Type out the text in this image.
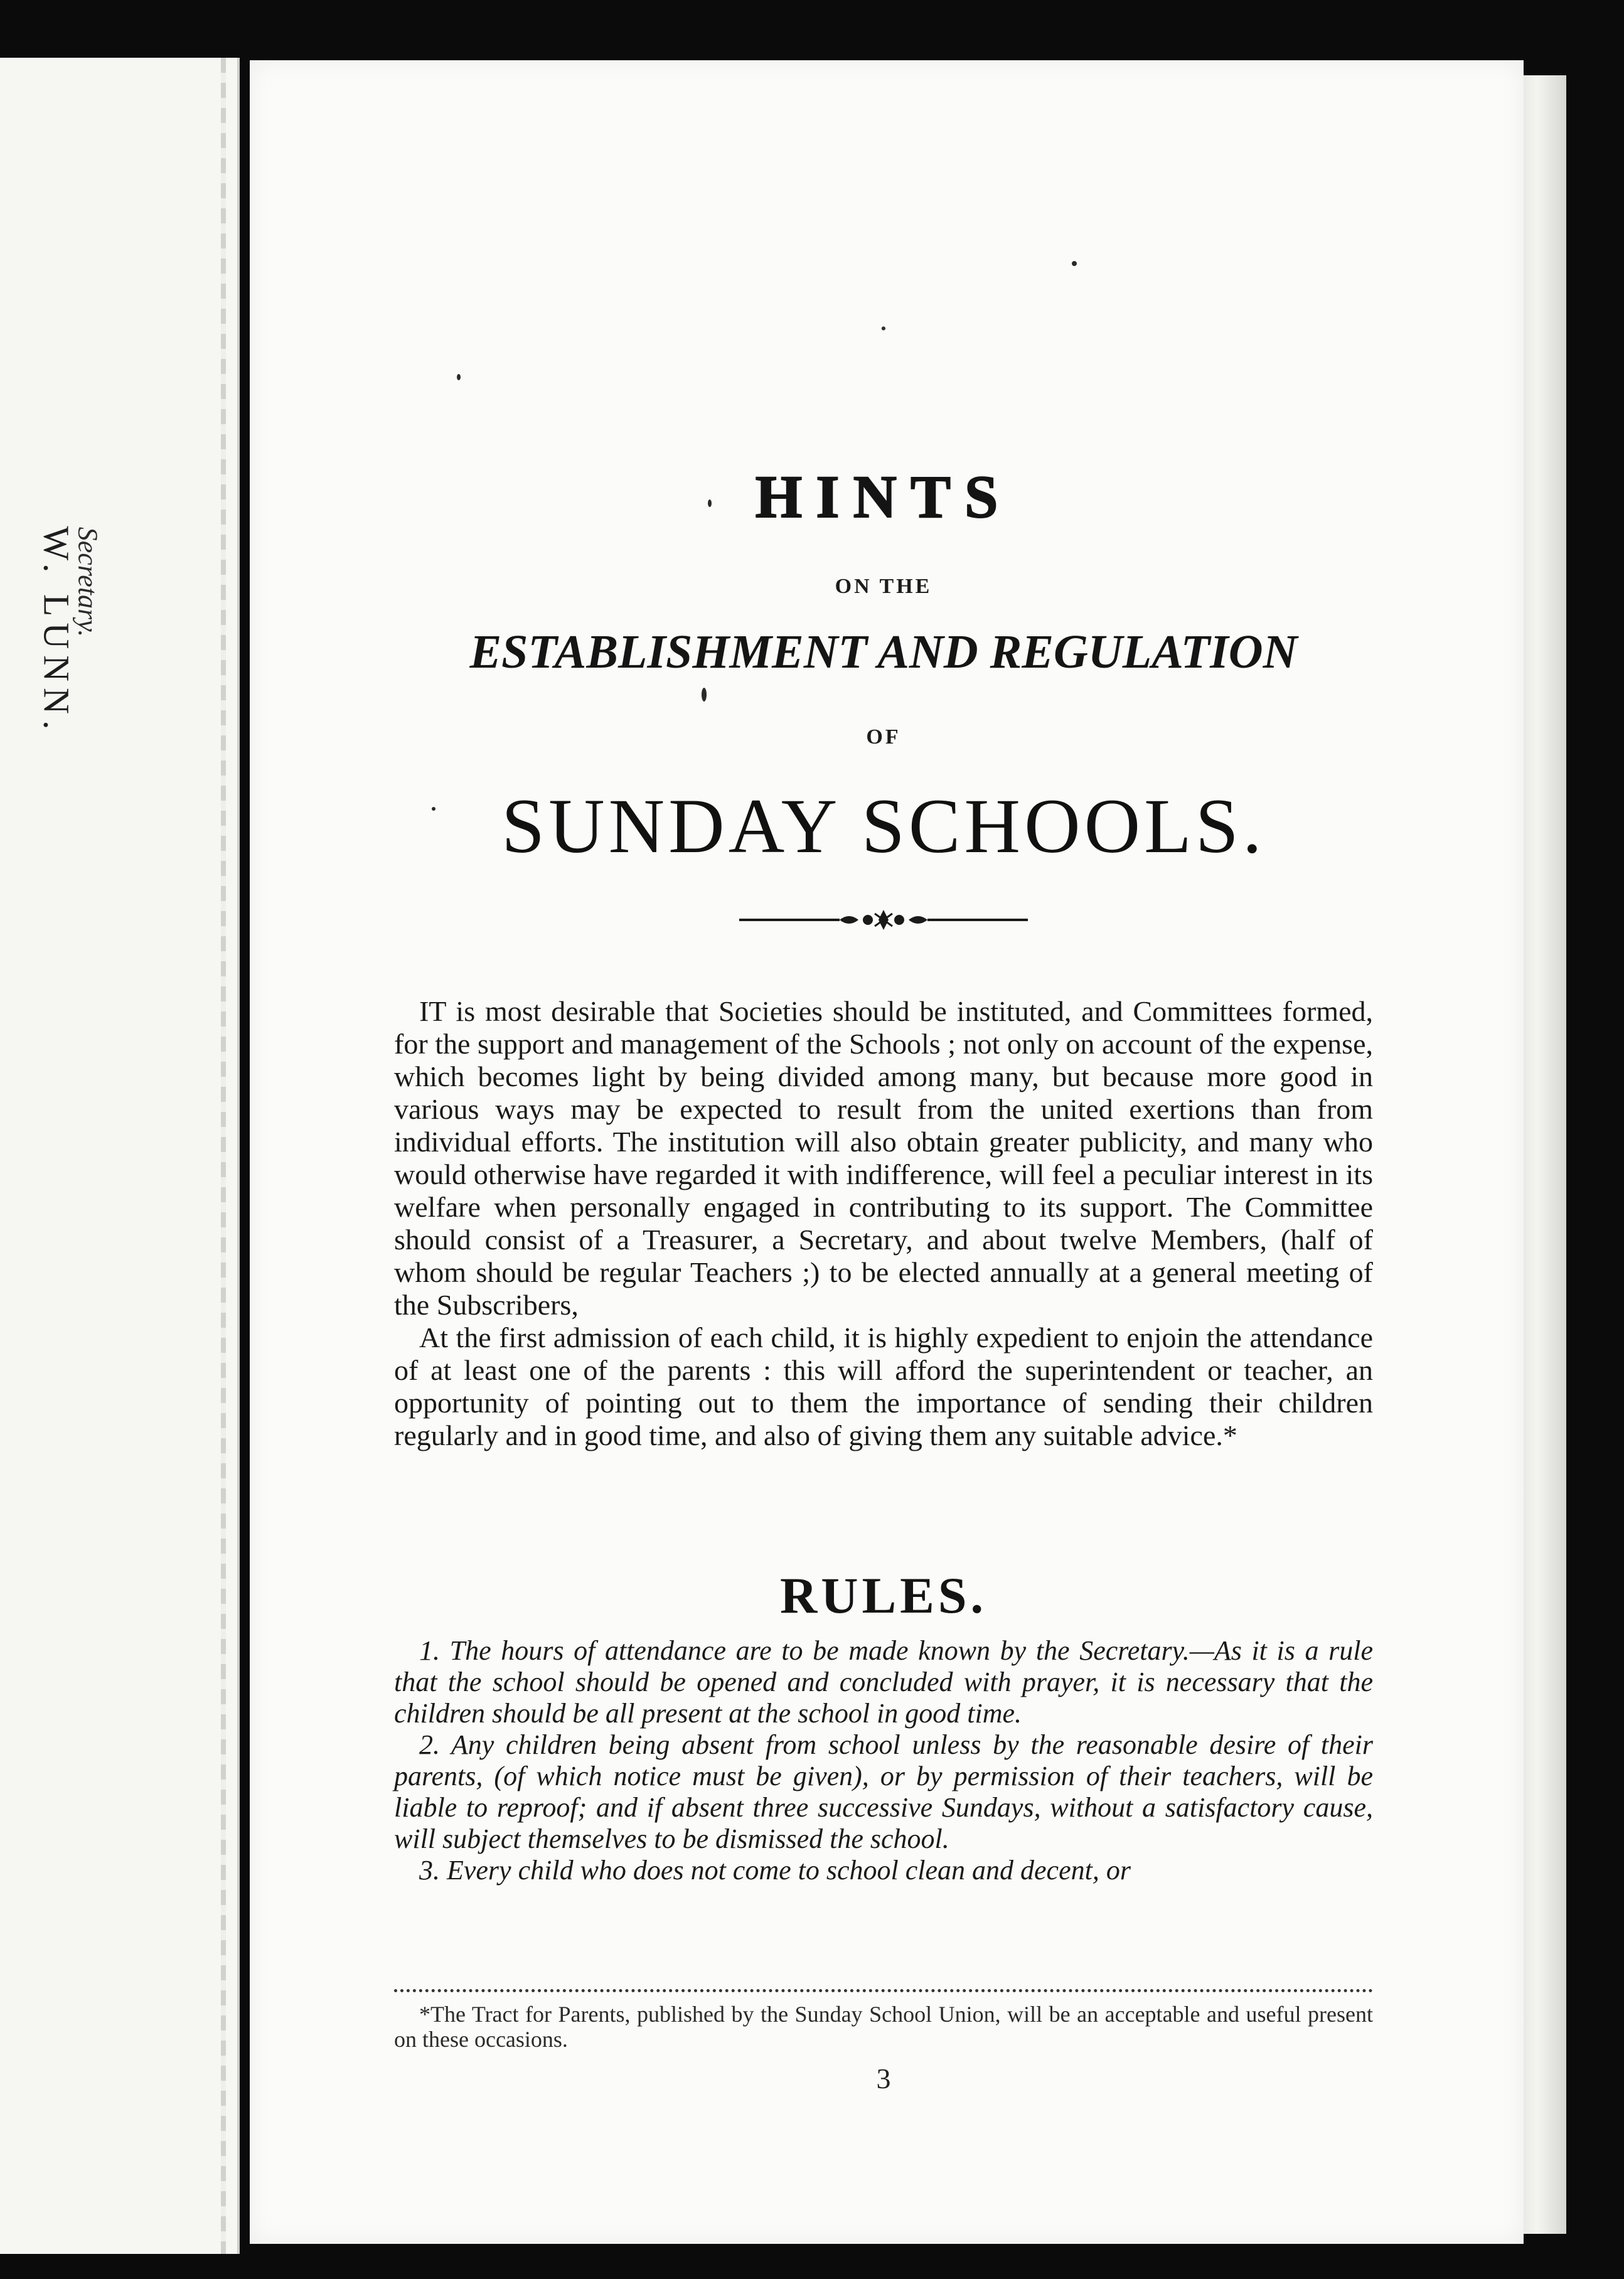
W. LUNN.
Secretary.
·
HINTS
ON THE
ESTABLISHMENT AND REGULATION
OF
SUNDAY SCHOOLS.

IT is most desirable that Societies should be instituted, and Committees formed, for the support and management of the Schools ; not only on account of the expense, which becomes light by being divided among many, but because more good in various ways may be expected to result from the united exertions than from individual efforts. The institution will also obtain greater publicity, and many who would otherwise have regarded it with indifference, will feel a peculiar interest in its welfare when personally engaged in contributing to its support. The Committee should consist of a Treasurer, a Secretary, and about twelve Members, (half of whom should be regular Teachers ;) to be elected annually at a general meeting of the Subscribers,

At the first admission of each child, it is highly expedient to enjoin the attendance of at least one of the parents : this will afford the superintendent or teacher, an opportunity of pointing out to them the importance of sending their children regularly and in good time, and also of giving them any suitable advice.*

RULES.

1. The hours of attendance are to be made known by the Secretary.—As it is a rule that the school should be opened and concluded with prayer, it is necessary that the children should be all present at the school in good time.

2. Any children being absent from school unless by the reasonable desire of their parents, (of which notice must be given), or by permission of their teachers, will be liable to reproof; and if absent three successive Sundays, without a satisfactory cause, will subject themselves to be dismissed the school.

3. Every child who does not come to school clean and decent, or

*The Tract for Parents, published by the Sunday School Union, will be an acceptable and useful present on these occasions.

3
